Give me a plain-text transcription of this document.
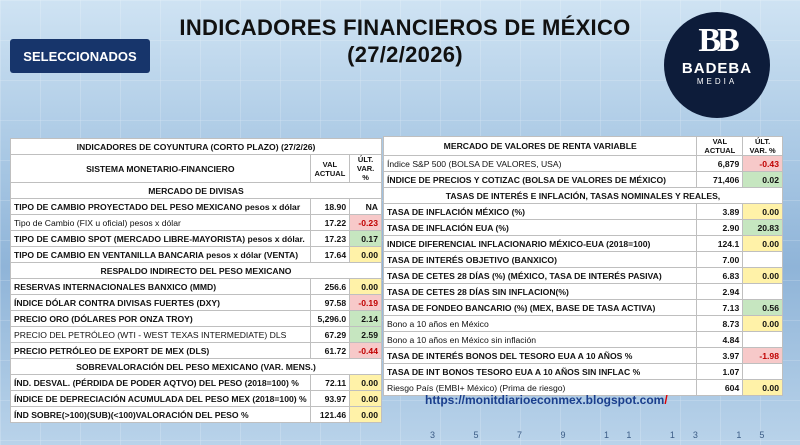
INDICADORES FINANCIEROS DE MÉXICO
(27/2/2026)
SELECCIONADOS	BB
BADEBA
MEDIA
INDICADORES DE COYUNTURA (CORTO PLAZO) (27/2/26)		
SISTEMA MONETARIO-FINANCIERO	VAL ACTUAL	ÚLT. VAR. %
MERCADO DE DIVISAS		
TIPO DE CAMBIO PROYECTADO DEL PESO MEXICANO pesos x dólar	18.90	NA
Tipo de Cambio (FIX u oficial) pesos x dólar	17.22	-0.23
TIPO DE CAMBIO SPOT (MERCADO LIBRE-MAYORISTA) pesos x dólar.	17.23	0.17
TIPO DE CAMBIO EN VENTANILLA BANCARIA pesos x dólar (VENTA)	17.64	0.00
RESPALDO INDIRECTO DEL PESO MEXICANO		
RESERVAS INTERNACIONALES BANXICO (MMD)	256.6	0.00
ÍNDICE DÓLAR CONTRA DIVISAS FUERTES (DXY)	97.58	-0.19
PRECIO ORO (DÓLARES POR ONZA TROY)	5,296.0	2.14
PRECIO DEL PETRÓLEO (WTI - WEST TEXAS INTERMEDIATE) DLS	67.29	2.59
PRECIO PETRÓLEO DE EXPORT DE MEX (DLS)	61.72	-0.44
SOBREVALORACIÓN DEL PESO MEXICANO (VAR. MENS.)		
ÍND. DESVAL. (PÉRDIDA DE PODER AQTVO) DEL PESO (2018=100) %	72.11	0.00
ÍNDICE DE DEPRECIACIÓN ACUMULADA DEL PESO MEX (2018=100) %	93.97	0.00
ÍND SOBRE(>100)(SUB)(<100)VALORACIÓN DEL PESO %	121.46	0.00
MERCADO DE VALORES DE RENTA VARIABLE	VAL ACTUAL	ÚLT. VAR. %
Índice S&P 500 (BOLSA DE VALORES, USA)	6,879	-0.43
ÍNDICE DE PRECIOS Y COTIZAC (BOLSA DE VALORES DE MÉXICO)	71,406	0.02
TASAS DE INTERÉS E INFLACIÓN, TASAS NOMINALES Y REALES,		
TASA DE INFLACIÓN MÉXICO (%)	3.89	0.00
TASA DE INFLACIÓN EUA (%)	2.90	20.83
INDICE DIFERENCIAL INFLACIONARIO MÉXICO-EUA (2018=100)	124.1	0.00
TASA DE INTERÉS OBJETIVO (BANXICO)	7.00	
TASA DE CETES 28 DÍAS (%) (MÉXICO, TASA DE INTERÉS PASIVA)	6.83	0.00
TASA DE CETES 28 DÍAS SIN INFLACION(%)	2.94	
TASA DE FONDEO BANCARIO (%) (MEX, BASE DE TASA ACTIVA)	7.13	0.56
Bono a 10 años en México	8.73	0.00
Bono a 10 años en México sin inflación	4.84	
TASA DE INTERÉS BONOS DEL TESORO EUA A 10 AÑOS %	3.97	-1.98
TASA DE INT BONOS TESORO EUA A 10 AÑOS SIN INFLAC %	1.07	
Riesgo País (EMBI+ México) (Prima de riesgo)	604	0.00
https://monitdiarioeconmex.blogspot.com/
3 5 7 9 11 13 15
